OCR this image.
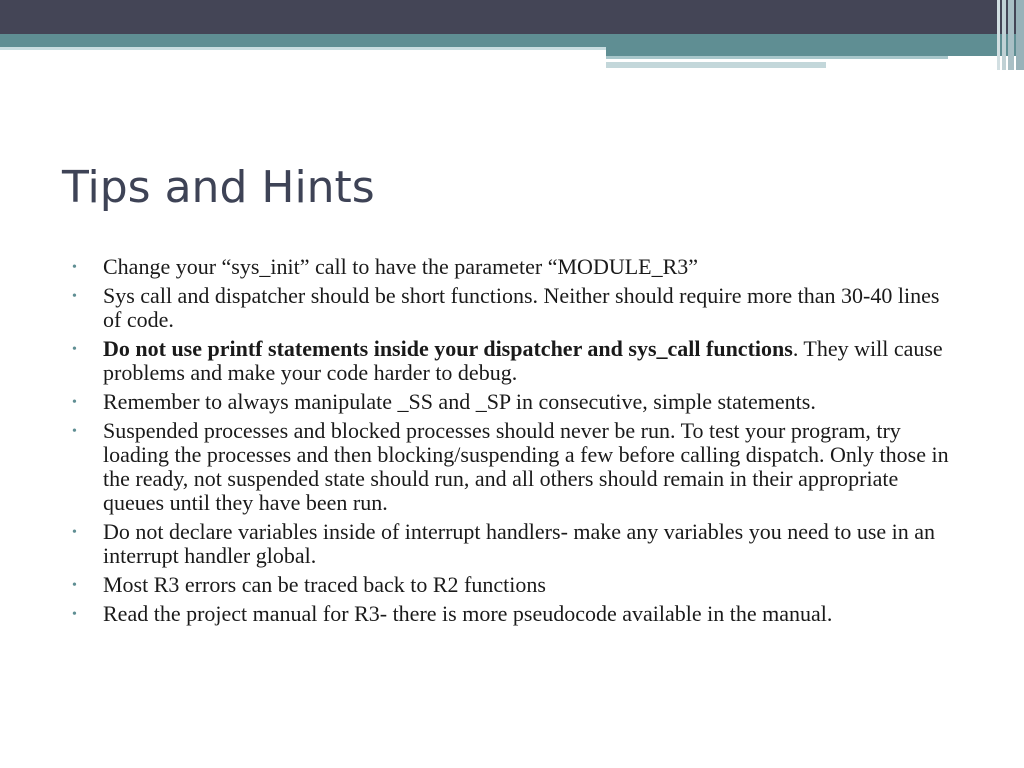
Tips and Hints
• Change your “sys_init” call to have the parameter “MODULE_R3”
• Sys call and dispatcher should be short functions. Neither should require more than 30-40 lines of code.
• Do not use printf statements inside your dispatcher and sys_call functions. They will cause problems and make your code harder to debug.
• Remember to always manipulate _SS and _SP in consecutive, simple statements.
• Suspended processes and blocked processes should never be run. To test your program, try loading the processes and then blocking/suspending a few before calling dispatch. Only those in the ready, not suspended state should run, and all others should remain in their appropriate queues until they have been run.
• Do not declare variables inside of interrupt handlers- make any variables you need to use in an interrupt handler global.
• Most R3 errors can be traced back to R2 functions
• Read the project manual for R3- there is more pseudocode available in the manual.
